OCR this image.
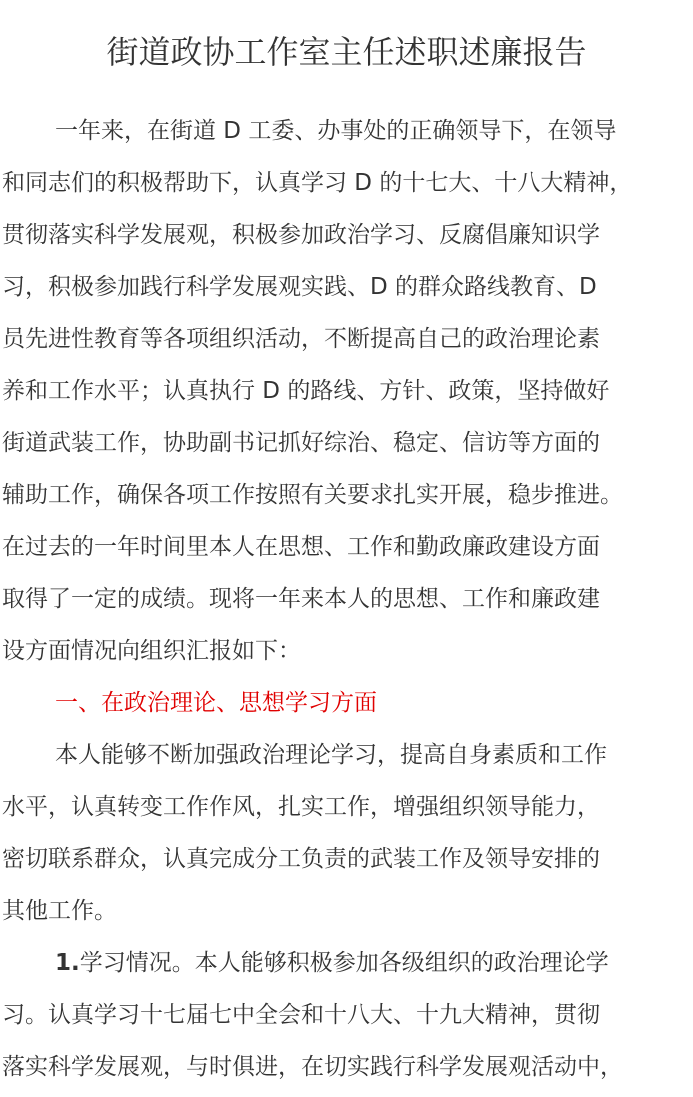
街道政协工作室主任述职述廉报告
一年来，在街道 D 工委、办事处的正确领导下，在领导
和同志们的积极帮助下，认真学习 D 的十七大、十八大精神，
贯彻落实科学发展观，积极参加政治学习、反腐倡廉知识学
习，积极参加践行科学发展观实践、D 的群众路线教育、D
员先进性教育等各项组织活动，不断提高自己的政治理论素
养和工作水平；认真执行 D 的路线、方针、政策，坚持做好
街道武装工作，协助副书记抓好综治、稳定、信访等方面的
辅助工作，确保各项工作按照有关要求扎实开展，稳步推进。
在过去的一年时间里本人在思想、工作和勤政廉政建设方面
取得了一定的成绩。现将一年来本人的思想、工作和廉政建
设方面情况向组织汇报如下：
一、在政治理论、思想学习方面
本人能够不断加强政治理论学习，提高自身素质和工作
水平，认真转变工作作风，扎实工作，增强组织领导能力，
密切联系群众，认真完成分工负责的武装工作及领导安排的
其他工作。
1.学习情况。本人能够积极参加各级组织的政治理论学
习。认真学习十七届七中全会和十八大、十九大精神，贯彻
落实科学发展观，与时俱进，在切实践行科学发展观活动中，
